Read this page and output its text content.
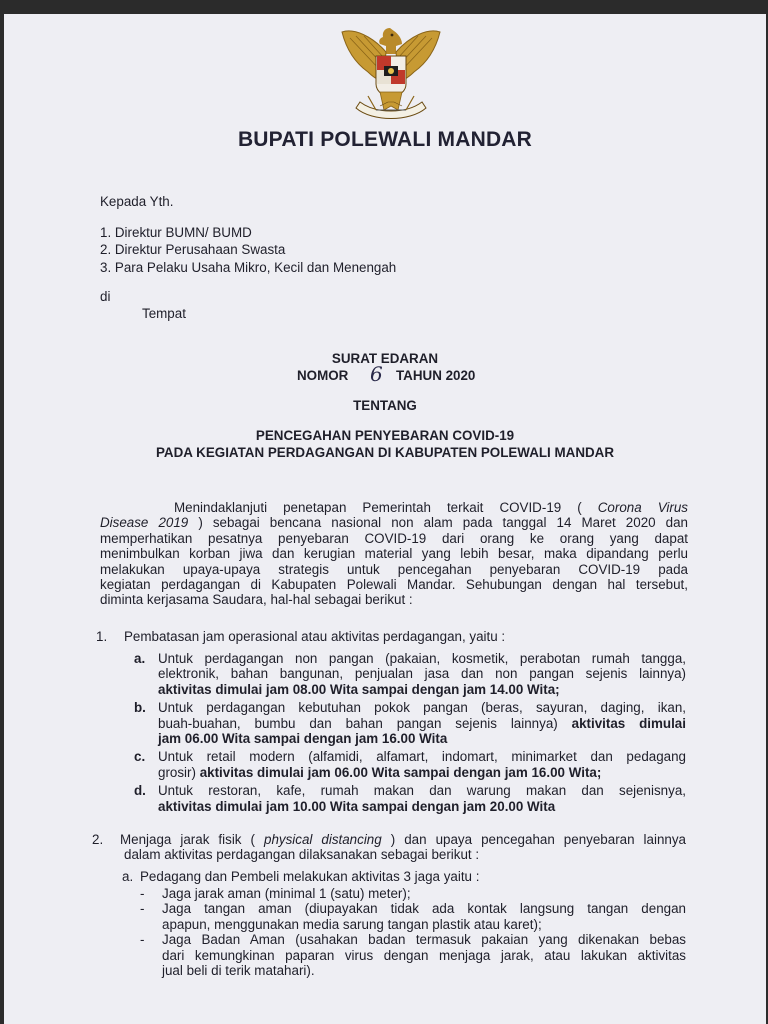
BUPATI POLEWALI MANDAR
Kepada Yth.
1. Direktur BUMN/ BUMD
2. Direktur Perusahaan Swasta
3. Para Pelaku Usaha Mikro, Kecil dan Menengah
di
Tempat
SURAT EDARAN
NOMOR 6 TAHUN 2020
TENTANG
PENCEGAHAN PENYEBARAN COVID-19
PADA KEGIATAN PERDAGANGAN DI KABUPATEN POLEWALI MANDAR
Menindaklanjuti penetapan Pemerintah terkait COVID-19 ( Corona Virus
Disease 2019 ) sebagai bencana nasional non alam pada tanggal 14 Maret 2020 dan
memperhatikan pesatnya penyebaran COVID-19 dari orang ke orang yang dapat
menimbulkan korban jiwa dan kerugian material yang lebih besar, maka dipandang perlu
melakukan upaya-upaya strategis untuk pencegahan penyebaran COVID-19 pada
kegiatan perdagangan di Kabupaten Polewali Mandar. Sehubungan dengan hal tersebut,
diminta kerjasama Saudara, hal-hal sebagai berikut :
1. Pembatasan jam operasional atau aktivitas perdagangan, yaitu :
a. Untuk perdagangan non pangan (pakaian, kosmetik, perabotan rumah tangga,
elektronik, bahan bangunan, penjualan jasa dan non pangan sejenis lainnya)
aktivitas dimulai jam 08.00 Wita sampai dengan jam 14.00 Wita;
b. Untuk perdagangan kebutuhan pokok pangan (beras, sayuran, daging, ikan,
buah-buahan, bumbu dan bahan pangan sejenis lainnya) aktivitas dimulai
jam 06.00 Wita sampai dengan jam 16.00 Wita
c. Untuk retail modern (alfamidi, alfamart, indomart, minimarket dan pedagang
grosir) aktivitas dimulai jam 06.00 Wita sampai dengan jam 16.00 Wita;
d. Untuk restoran, kafe, rumah makan dan warung makan dan sejenisnya,
aktivitas dimulai jam 10.00 Wita sampai dengan jam 20.00 Wita
2. Menjaga jarak fisik ( physical distancing ) dan upaya pencegahan penyebaran lainnya
dalam aktivitas perdagangan dilaksanakan sebagai berikut :
a. Pedagang dan Pembeli melakukan aktivitas 3 jaga yaitu :
- Jaga jarak aman (minimal 1 (satu) meter);
- Jaga tangan aman (diupayakan tidak ada kontak langsung tangan dengan
apapun, menggunakan media sarung tangan plastik atau karet);
- Jaga Badan Aman (usahakan badan termasuk pakaian yang dikenakan bebas
dari kemungkinan paparan virus dengan menjaga jarak, atau lakukan aktivitas
jual beli di terik matahari).
